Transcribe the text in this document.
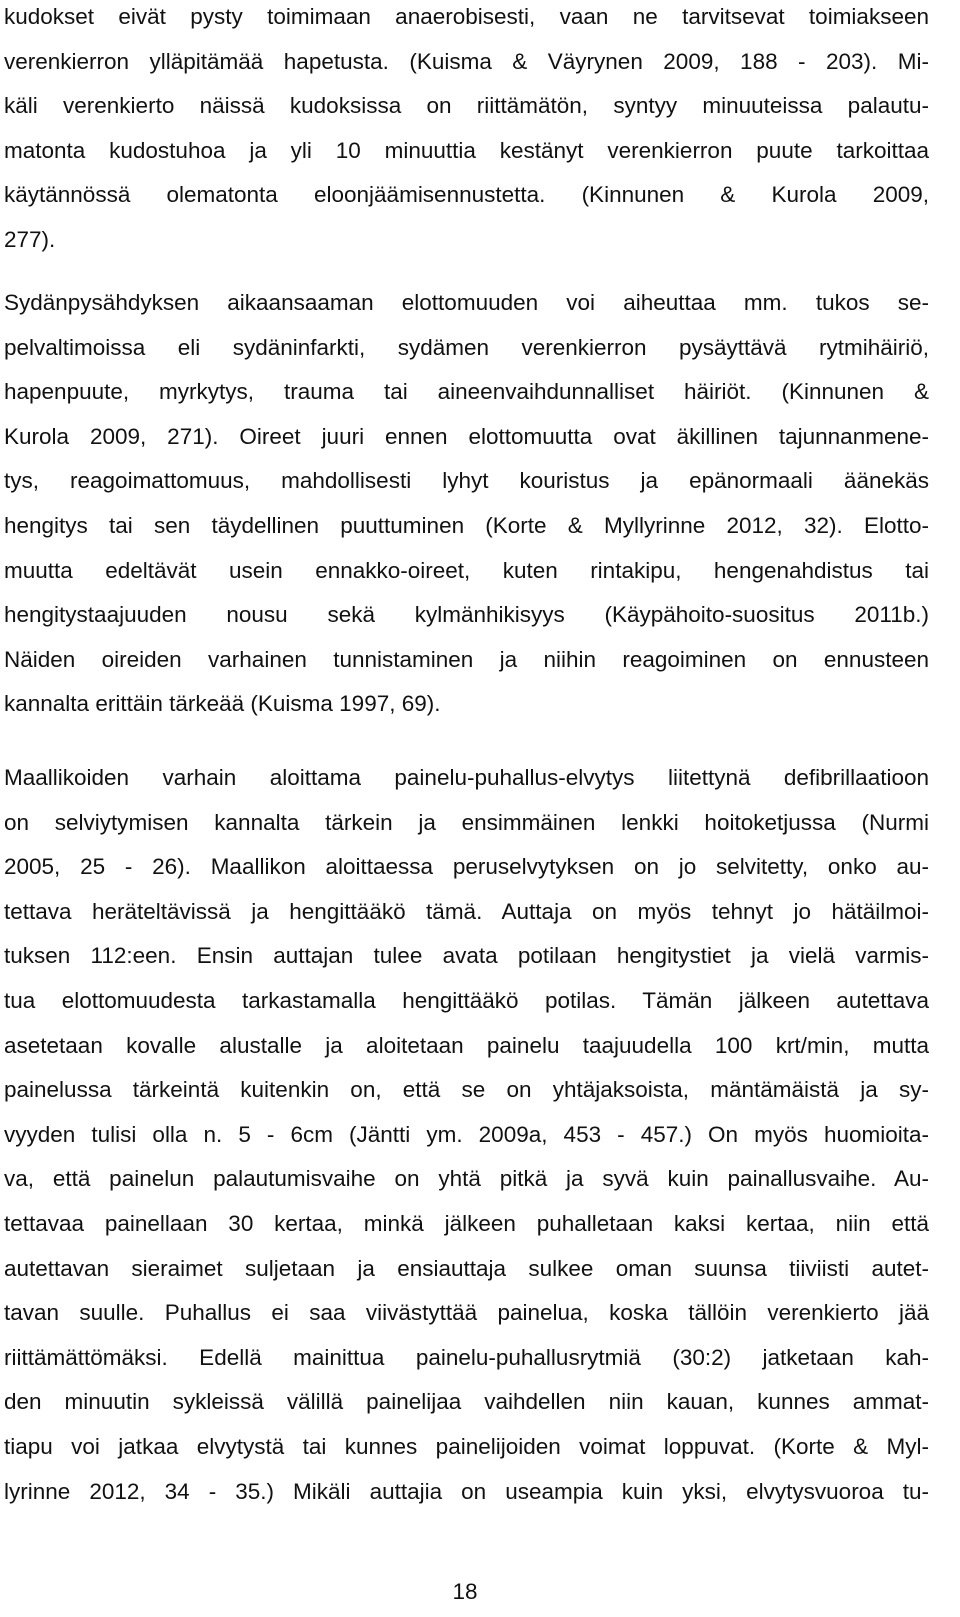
kudokset eivät pysty toimimaan anaerobisesti, vaan ne tarvitsevat toimiakseen
verenkierron ylläpitämää hapetusta. (Kuisma & Väyrynen 2009, 188 - 203). Mi-
käli verenkierto näissä kudoksissa on riittämätön, syntyy minuuteissa palautu-
matonta kudostuhoa ja yli 10 minuuttia kestänyt verenkierron puute tarkoittaa
käytännössä olematonta eloonjäämisennustetta. (Kinnunen & Kurola 2009,
277).

Sydänpysähdyksen aikaansaaman elottomuuden voi aiheuttaa mm. tukos se-
pelvaltimoissa eli sydäninfarkti, sydämen verenkierron pysäyttävä rytmihäiriö,
hapenpuute, myrkytys, trauma tai aineenvaihdunnalliset häiriöt. (Kinnunen &
Kurola 2009, 271). Oireet juuri ennen elottomuutta ovat äkillinen tajunnanmene-
tys, reagoimattomuus, mahdollisesti lyhyt kouristus ja epänormaali äänekäs
hengitys tai sen täydellinen puuttuminen (Korte & Myllyrinne 2012, 32). Elotto-
muutta edeltävät usein ennakko-oireet, kuten rintakipu, hengenahdistus tai
hengitystaajuuden nousu sekä kylmänhikisyys (Käypähoito-suositus 2011b.)
Näiden oireiden varhainen tunnistaminen ja niihin reagoiminen on ennusteen
kannalta erittäin tärkeää (Kuisma 1997, 69).

Maallikoiden varhain aloittama painelu-puhallus-elvytys liitettynä defibrillaatioon
on selviytymisen kannalta tärkein ja ensimmäinen lenkki hoitoketjussa (Nurmi
2005, 25 - 26). Maallikon aloittaessa peruselvytyksen on jo selvitetty, onko au-
tettava heräteltävissä ja hengittääkö tämä. Auttaja on myös tehnyt jo hätäilmoi-
tuksen 112:een. Ensin auttajan tulee avata potilaan hengitystiet ja vielä varmis-
tua elottomuudesta tarkastamalla hengittääkö potilas. Tämän jälkeen autettava
asetetaan kovalle alustalle ja aloitetaan painelu taajuudella 100 krt/min, mutta
painelussa tärkeintä kuitenkin on, että se on yhtäjaksoista, mäntämäistä ja sy-
vyyden tulisi olla n. 5 - 6cm (Jäntti ym. 2009a, 453 - 457.) On myös huomioita-
va, että painelun palautumisvaihe on yhtä pitkä ja syvä kuin painallusvaihe. Au-
tettavaa painellaan 30 kertaa, minkä jälkeen puhalletaan kaksi kertaa, niin että
autettavan sieraimet suljetaan ja ensiauttaja sulkee oman suunsa tiiviisti autet-
tavan suulle. Puhallus ei saa viivästyttää painelua, koska tällöin verenkierto jää
riittämättömäksi. Edellä mainittua painelu-puhallusrytmiä (30:2) jatketaan kah-
den minuutin sykleissä välillä painelijaa vaihdellen niin kauan, kunnes ammat-
tiapu voi jatkaa elvytystä tai kunnes painelijoiden voimat loppuvat. (Korte & Myl-
lyrinne 2012, 34 - 35.) Mikäli auttajia on useampia kuin yksi, elvytysvuoroa tu-

18
